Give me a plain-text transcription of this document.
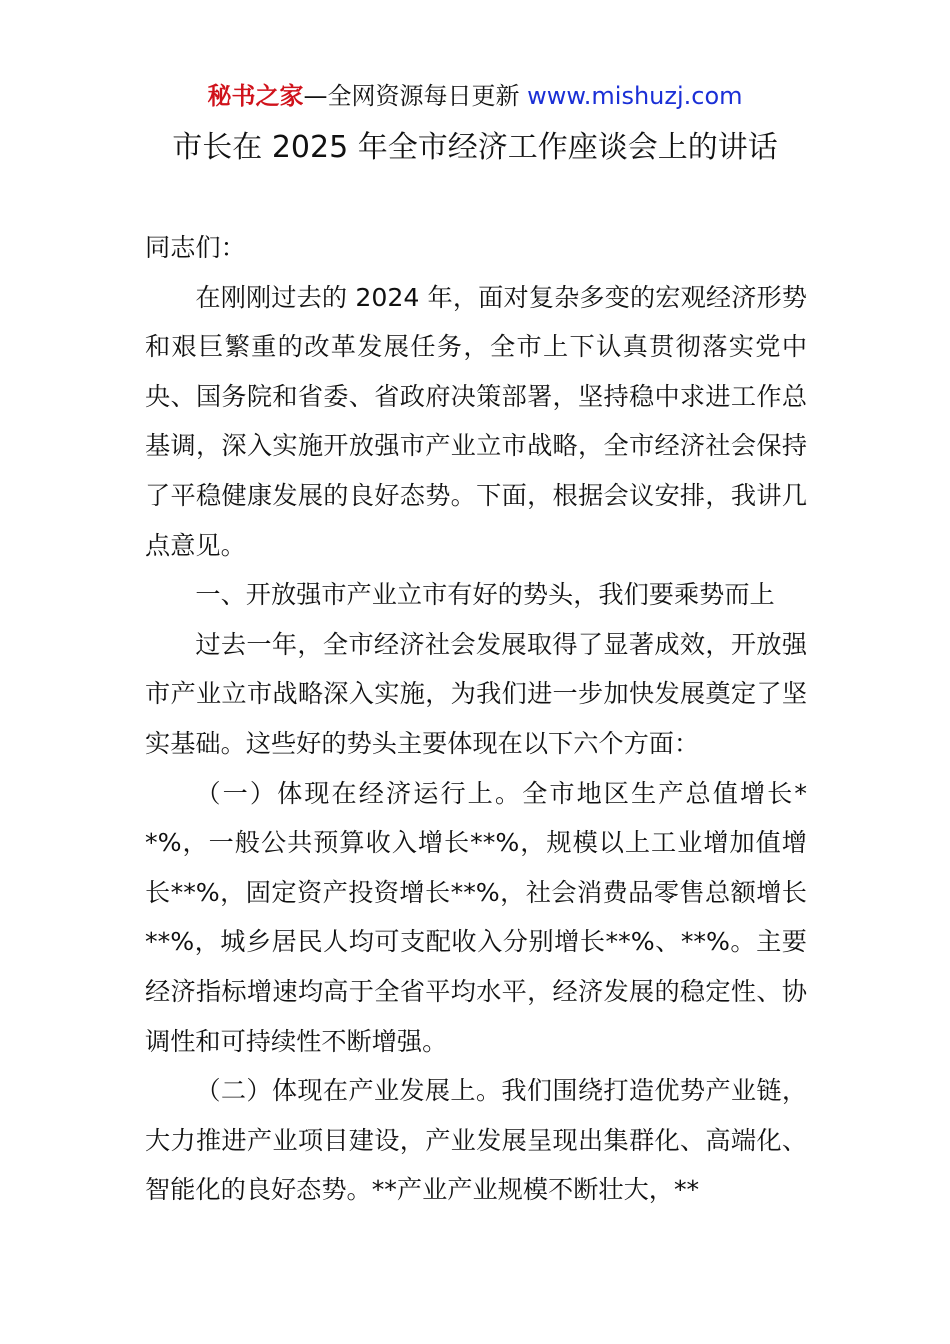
秘书之家—全网资源每日更新 www.mishuzj.com
市长在 2025 年全市经济工作座谈会上的讲话

同志们：

在刚刚过去的 2024 年，面对复杂多变的宏观经济形势和艰巨繁重的改革发展任务，全市上下认真贯彻落实党中央、国务院和省委、省政府决策部署，坚持稳中求进工作总基调，深入实施开放强市产业立市战略，全市经济社会保持了平稳健康发展的良好态势。下面，根据会议安排，我讲几点意见。

一、开放强市产业立市有好的势头，我们要乘势而上

过去一年，全市经济社会发展取得了显著成效，开放强市产业立市战略深入实施，为我们进一步加快发展奠定了坚实基础。这些好的势头主要体现在以下六个方面：

（一）体现在经济运行上。全市地区生产总值增长**%，一般公共预算收入增长**%，规模以上工业增加值增长**%，固定资产投资增长**%，社会消费品零售总额增长**%，城乡居民人均可支配收入分别增长**%、**%。主要经济指标增速均高于全省平均水平，经济发展的稳定性、协调性和可持续性不断增强。

（二）体现在产业发展上。我们围绕打造优势产业链，大力推进产业项目建设，产业发展呈现出集群化、高端化、智能化的良好态势。**产业产业规模不断壮大，**
